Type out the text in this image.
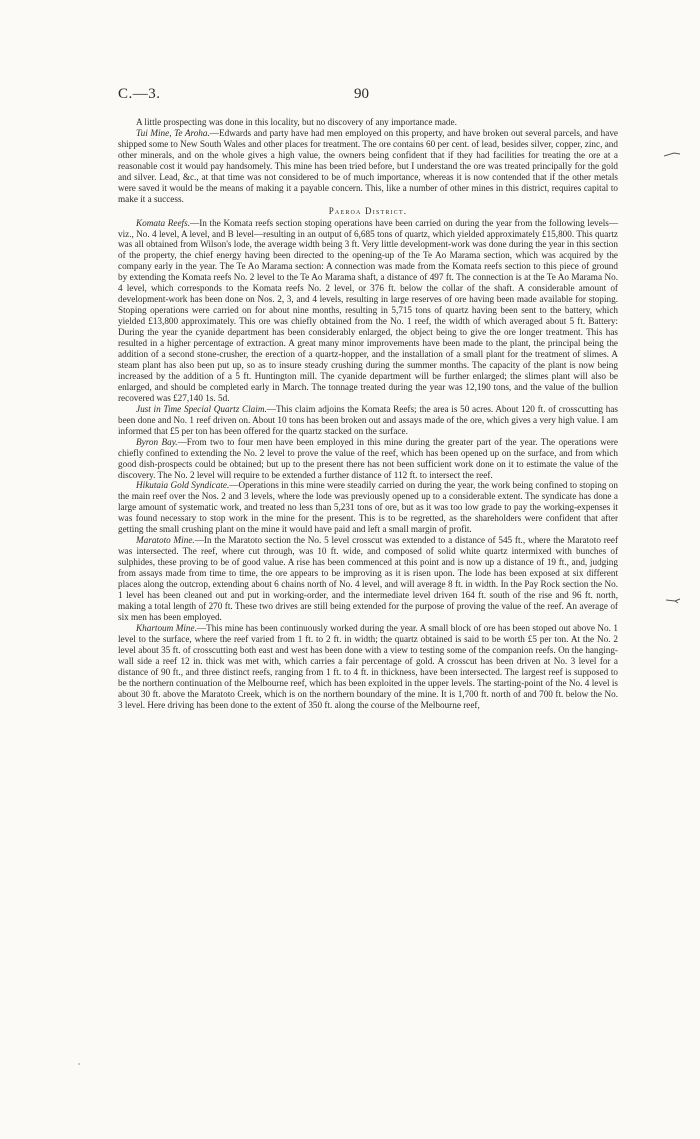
C.—3.	90

A little prospecting was done in this locality, but no discovery of any importance made.

Tui Mine, Te Aroha.—Edwards and party have had men employed on this property, and have broken out several parcels, and have shipped some to New South Wales and other places for treatment. The ore contains 60 per cent. of lead, besides silver, copper, zinc, and other minerals, and on the whole gives a high value, the owners being confident that if they had facilities for treating the ore at a reasonable cost it would pay handsomely. This mine has been tried before, but I understand the ore was treated principally for the gold and silver. Lead, &c., at that time was not considered to be of much importance, whereas it is now contended that if the other metals were saved it would be the means of making it a payable concern. This, like a number of other mines in this district, requires capital to make it a success.

Paeroa District.

Komata Reefs.—In the Komata reefs section stoping operations have been carried on during the year from the following levels—viz., No. 4 level, A level, and B level—resulting in an output of 6,685 tons of quartz, which yielded approximately £15,800. This quartz was all obtained from Wilson's lode, the average width being 3 ft. Very little development-work was done during the year in this section of the property, the chief energy having been directed to the opening-up of the Te Ao Marama section, which was acquired by the company early in the year. The Te Ao Marama section: A connection was made from the Komata reefs section to this piece of ground by extending the Komata reefs No. 2 level to the Te Ao Marama shaft, a distance of 497 ft. The connection is at the Te Ao Marama No. 4 level, which corresponds to the Komata reefs No. 2 level, or 376 ft. below the collar of the shaft. A considerable amount of development-work has been done on Nos. 2, 3, and 4 levels, resulting in large reserves of ore having been made available for stoping. Stoping operations were carried on for about nine months, resulting in 5,715 tons of quartz having been sent to the battery, which yielded £13,800 approximately. This ore was chiefly obtained from the No. 1 reef, the width of which averaged about 5 ft. Battery: During the year the cyanide department has been considerably enlarged, the object being to give the ore longer treatment. This has resulted in a higher percentage of extraction. A great many minor improvements have been made to the plant, the principal being the addition of a second stone-crusher, the erection of a quartz-hopper, and the installation of a small plant for the treatment of slimes. A steam plant has also been put up, so as to insure steady crushing during the summer months. The capacity of the plant is now being increased by the addition of a 5 ft. Huntington mill. The cyanide department will be further enlarged; the slimes plant will also be enlarged, and should be completed early in March. The tonnage treated during the year was 12,190 tons, and the value of the bullion recovered was £27,140 1s. 5d.

Just in Time Special Quartz Claim.—This claim adjoins the Komata Reefs; the area is 50 acres. About 120 ft. of crosscutting has been done and No. 1 reef driven on. About 10 tons has been broken out and assays made of the ore, which gives a very high value. I am informed that £5 per ton has been offered for the quartz stacked on the surface.

Byron Bay.—From two to four men have been employed in this mine during the greater part of the year. The operations were chiefly confined to extending the No. 2 level to prove the value of the reef, which has been opened up on the surface, and from which good dish-prospects could be obtained; but up to the present there has not been sufficient work done on it to estimate the value of the discovery. The No. 2 level will require to be extended a further distance of 112 ft. to intersect the reef.

Hikutaia Gold Syndicate.—Operations in this mine were steadily carried on during the year, the work being confined to stoping on the main reef over the Nos. 2 and 3 levels, where the lode was previously opened up to a considerable extent. The syndicate has done a large amount of systematic work, and treated no less than 5,231 tons of ore, but as it was too low grade to pay the working-expenses it was found necessary to stop work in the mine for the present. This is to be regretted, as the shareholders were confident that after getting the small crushing plant on the mine it would have paid and left a small margin of profit.

Maratoto Mine.—In the Maratoto section the No. 5 level crosscut was extended to a distance of 545 ft., where the Maratoto reef was intersected. The reef, where cut through, was 10 ft. wide, and composed of solid white quartz intermixed with bunches of sulphides, these proving to be of good value. A rise has been commenced at this point and is now up a distance of 19 ft., and, judging from assays made from time to time, the ore appears to be improving as it is risen upon. The lode has been exposed at six different places along the outcrop, extending about 6 chains north of No. 4 level, and will average 8 ft. in width. In the Pay Rock section the No. 1 level has been cleaned out and put in working-order, and the intermediate level driven 164 ft. south of the rise and 96 ft. north, making a total length of 270 ft. These two drives are still being extended for the purpose of proving the value of the reef. An average of six men has been employed.

Khartoum Mine.—This mine has been continuously worked during the year. A small block of ore has been stoped out above No. 1 level to the surface, where the reef varied from 1 ft. to 2 ft. in width; the quartz obtained is said to be worth £5 per ton. At the No. 2 level about 35 ft. of crosscutting both east and west has been done with a view to testing some of the companion reefs. On the hanging-wall side a reef 12 in. thick was met with, which carries a fair percentage of gold. A crosscut has been driven at No. 3 level for a distance of 90 ft., and three distinct reefs, ranging from 1 ft. to 4 ft. in thickness, have been intersected. The largest reef is supposed to be the northern continuation of the Melbourne reef, which has been exploited in the upper levels. The starting-point of the No. 4 level is about 30 ft. above the Maratoto Creek, which is on the northern boundary of the mine. It is 1,700 ft. north of and 700 ft. below the No. 3 level. Here driving has been done to the extent of 350 ft. along the course of the Melbourne reef,
